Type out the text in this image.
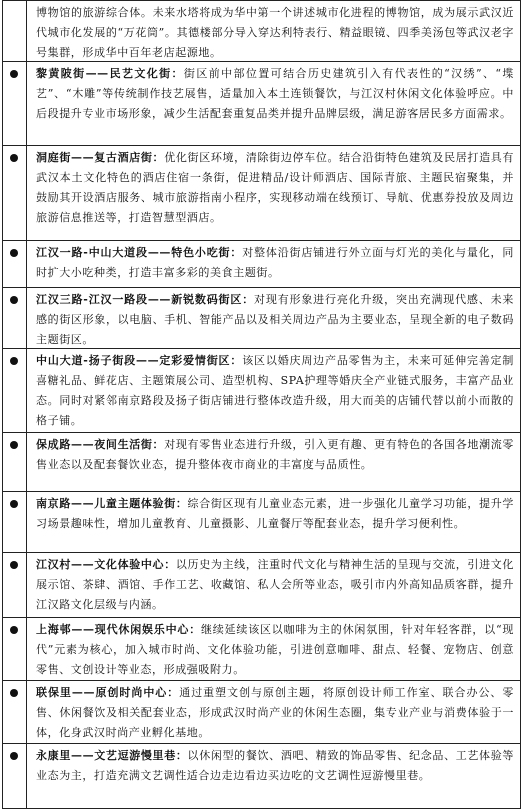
博物馆的旅游综合体。未来水塔将成为华中第一个讲述城市化进程的博物馆，成为展示武汉近代城市化发展的“万花筒”。其德楼部分导入穿达利特表行、精益眼镜、四季美汤包等武汉老字号集群，形成华中百年老店起源地。
黎黄陂街——民艺文化街：街区前中部位置可结合历史建筑引入有代表性的“汉绣”、“堞艺”、“木雕”等传统制作技艺展售，适量加入本土连锁餐饮，与江汉村休闲文化体验呼应。中后段提升专业市场形象，减少生活配套重复品类并提升品牌层级，满足游客居民多方面需求。
洞庭街——复古酒店街：优化街区环境，清除街边停车位。结合沿街特色建筑及民居打造具有武汉本土文化特色的酒店住宿一条街，促进精品/设计师酒店、国际青旅、主题民宿聚集，并鼓励其开设酒店服务、城市旅游指南小程序，实现移动端在线预订、导航、优惠券投放及周边旅游信息推送等，打造智慧型酒店。
江汉一路-中山大道段——特色小吃街：对整体沿街店铺进行外立面与灯光的美化与量化，同时扩大小吃种类，打造丰富多彩的美食主题街。
江汉三路-江汉一路段——新锐数码街区：对现有形象进行亮化升级，突出充满现代感、未来感的街区形象，以电脑、手机、智能产品以及相关周边产品为主要业态，呈现全新的电子数码主题街区。
中山大道-扬子街段——定彩爱情街区：该区以婚庆周边产品零售为主，未来可延伸完善定制喜糖礼品、鲜花店、主题策展公司、造型机构、SPA护理等婚庆全产业链式服务，丰富产品业态。同时对紧邻南京路段及扬子街店铺进行整体改造升级，用大而美的店铺代替以前小而散的格子铺。
保成路——夜间生活街：对现有零售业态进行升级，引入更有趣、更有特色的各国各地潮流零售业态以及配套餐饮业态，提升整体夜市商业的丰富度与品质性。
南京路——儿童主题体验街：综合街区现有儿童业态元素，进一步强化儿童学习功能，提升学习场景趣味性，增加儿童教育、儿童摄影、儿童餐厅等配套业态，提升学习便利性。
江汉村——文化体验中心：以历史为主线，注重时代文化与精神生活的呈现与交流，引进文化展示馆、茶肆、酒馆、手作工艺、收藏馆、私人会所等业态，吸引市内外高知品质客群，提升江汉路文化层级与内涵。
上海邨——现代休闲娱乐中心：继续延续该区以咖啡为主的休闲氛围，针对年轻客群，以“现代”元素为核心，加入城市时尚、文化体验功能，引进创意咖啡、甜点、轻餐、宠物店、创意零售、文创设计等业态，形成强吸附力。
联保里——原创时尚中心：通过重塑文创与原创主题，将原创设计师工作室、联合办公、零售、休闲餐饮及相关配套业态，形成武汉时尚产业的休闲生态圈，集专业产业与消费体验于一体，化身武汉时尚产业孵化基地。
永康里——文艺逗游慢里巷：以休闲型的餐饮、酒吧、精致的饰品零售、纪念品、工艺体验等业态为主，打造充满文艺调性适合边走边看边买边吃的文艺调性逗游慢里巷。
